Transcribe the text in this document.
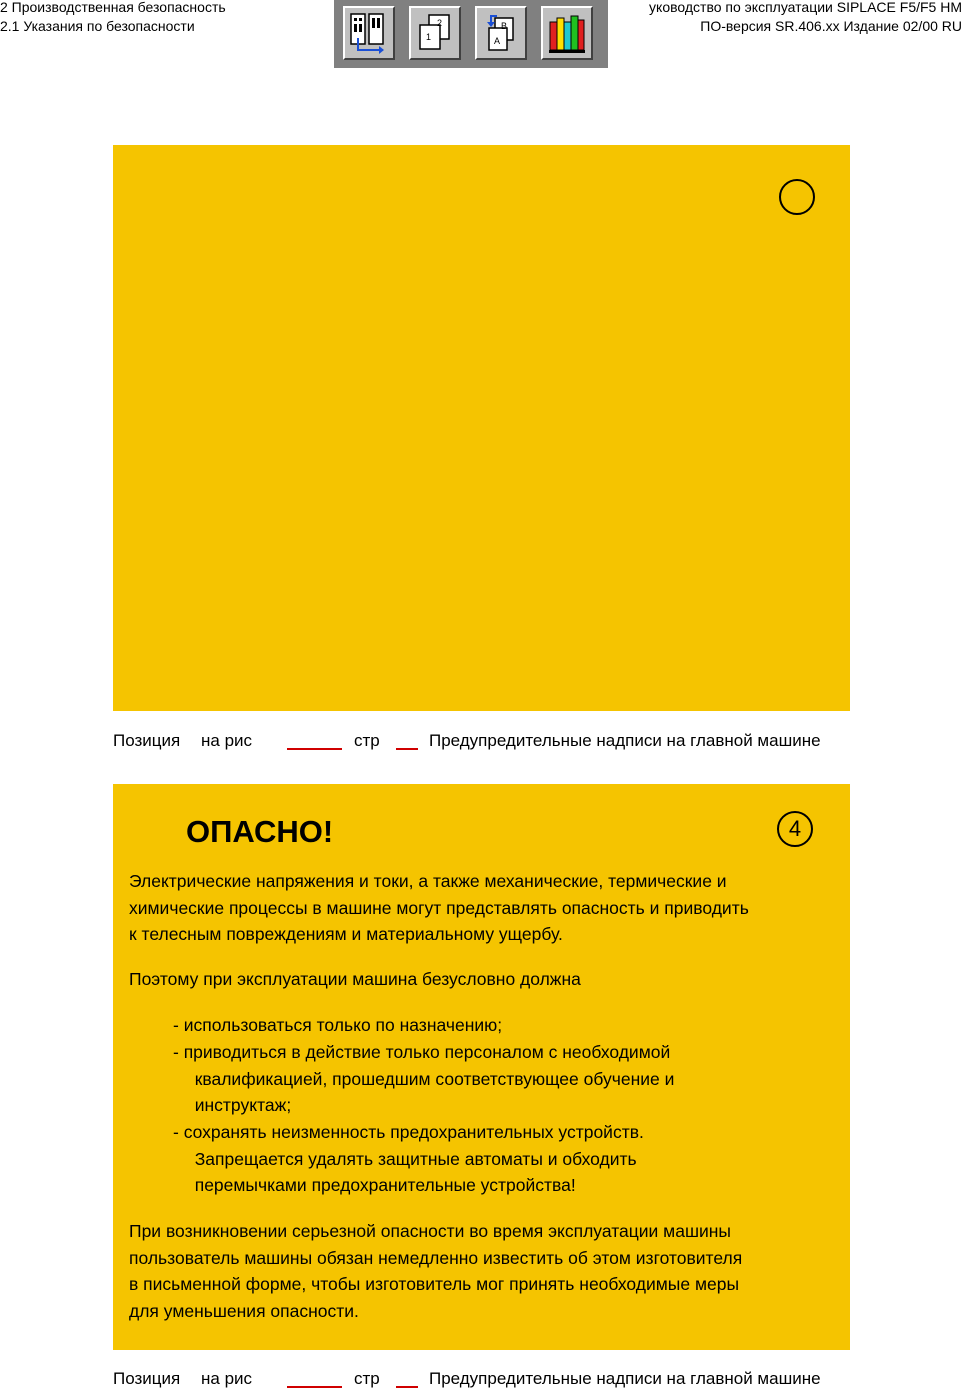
2 Производственная безопасность
2.1 Указания по безопасности
уководство по эксплуатации SIPLACE F5/F5 HM
ПО-версия SR.406.xx Издание 02/00 RU
2
1
B
A
Позиция на рис	стр	Предупредительные надписи на главной машине
ОПАСНО!	4
Электрические напряжения и токи, а также механические, термические и
химические процессы в машине могут представлять опасность и приводить
к телесным повреждениям и материальному ущербу.
Поэтому при эксплуатации машина безусловно должна
- использоваться только по назначению;
- приводиться в действие только персоналом с необходимой
квалификацией, прошедшим соответствующее обучение и
инструктаж;
- сохранять неизменность предохранительных устройств.
Запрещается удалять защитные автоматы и обходить
перемычками предохранительные устройства!
При возникновении серьезной опасности во время эксплуатации машины
пользователь машины обязан немедленно известить об этом изготовителя
в письменной форме, чтобы изготовитель мог принять необходимые меры
для уменьшения опасности.
Позиция на рис	стр	Предупредительные надписи на главной машине
